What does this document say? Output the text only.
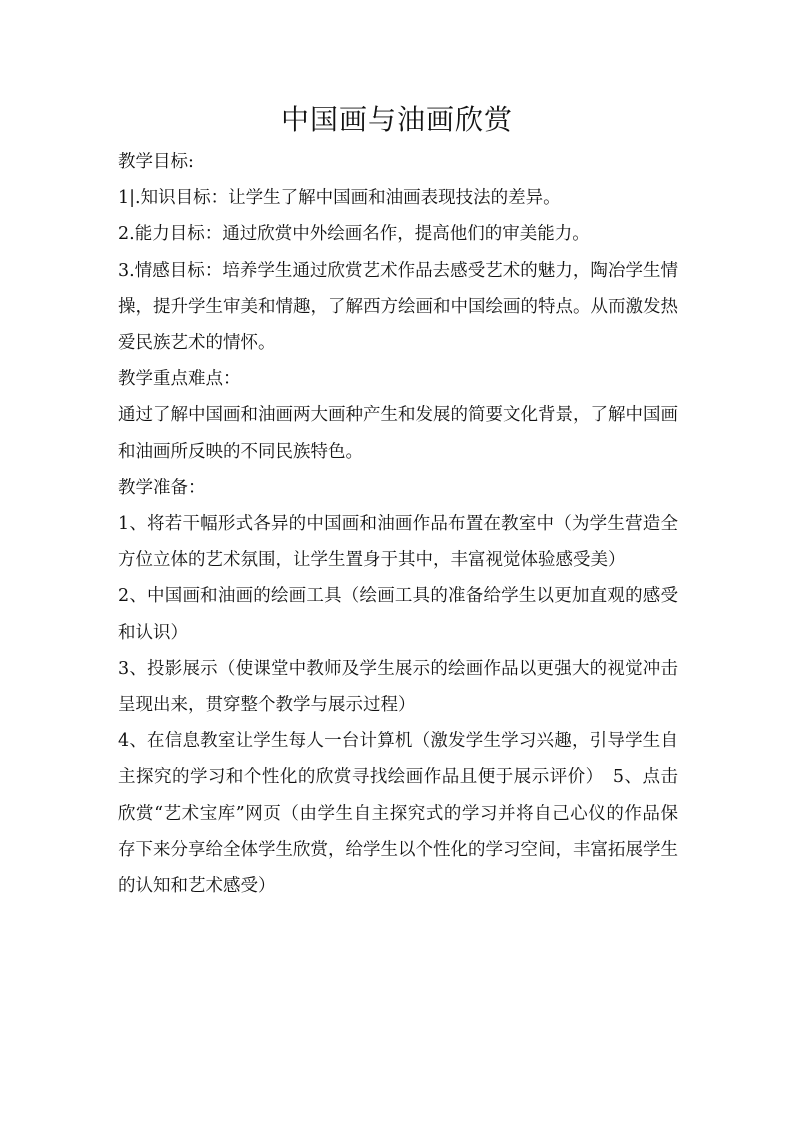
中国画与油画欣赏

教学目标:

1|.知识目标：让学生了解中国画和油画表现技法的差异。

2.能力目标：通过欣赏中外绘画名作，提高他们的审美能力。

3.情感目标：培养学生通过欣赏艺术作品去感受艺术的魅力，陶冶学生情操，提升学生审美和情趣，了解西方绘画和中国绘画的特点。从而激发热爱民族艺术的情怀。

教学重点难点：

通过了解中国画和油画两大画种产生和发展的简要文化背景，了解中国画和油画所反映的不同民族特色。

教学准备：

1、将若干幅形式各异的中国画和油画作品布置在教室中（为学生营造全方位立体的艺术氛围，让学生置身于其中，丰富视觉体验感受美）

2、中国画和油画的绘画工具（绘画工具的准备给学生以更加直观的感受和认识）

3、投影展示（使课堂中教师及学生展示的绘画作品以更强大的视觉冲击呈现出来，贯穿整个教学与展示过程）

4、在信息教室让学生每人一台计算机（激发学生学习兴趣，引导学生自主探究的学习和个性化的欣赏寻找绘画作品且便于展示评价）　5、点击欣赏“艺术宝库”网页（由学生自主探究式的学习并将自己心仪的作品保存下来分享给全体学生欣赏，给学生以个性化的学习空间，丰富拓展学生的认知和艺术感受）
